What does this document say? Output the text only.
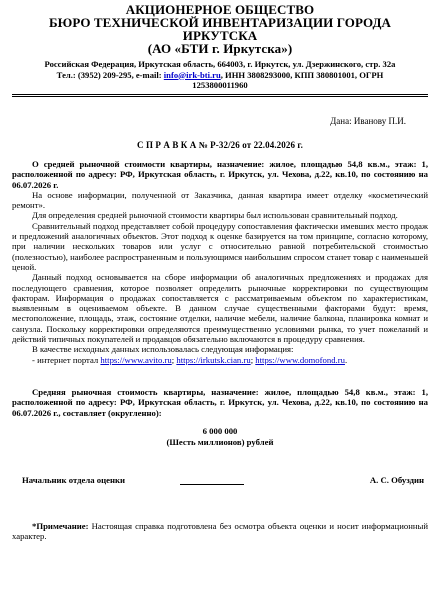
АКЦИОНЕРНОЕ ОБЩЕСТВО
БЮРО ТЕХНИЧЕСКОЙ ИНВЕНТАРИЗАЦИИ ГОРОДА ИРКУТСКА
(АО «БТИ г. Иркутска»)
Российская Федерация, Иркутская область, 664003, г. Иркутск, ул. Дзержинского, стр. 32а
Тел.: (3952) 209-295, e-mail: info@irk-bti.ru, ИНН 3808293000, КПП 380801001, ОГРН
1253800011960
Дана: Иванову П.И.
С П Р А В К А № Р-32/26 от 22.04.2026 г.

О средней рыночной стоимости квартиры, назначение: жилое, площадью 54,8 кв.м., этаж: 1, расположенной по адресу: РФ, Иркутская область, г. Иркутск, ул. Чехова, д.22, кв.10, по состоянию на 06.07.2026 г.

На основе информации, полученной от Заказчика, данная квартира имеет отделку «косметический ремонт».

Для определения средней рыночной стоимости квартиры был использован сравнительный подход.

Сравнительный подход представляет собой процедуру сопоставления фактически имевших место продаж и предложений аналогичных объектов. Этот подход к оценке базируется на том принципе, согласно которому, при наличии нескольких товаров или услуг с относительно равной потребительской стоимостью (полезностью), наиболее распространенным и пользующимся наибольшим спросом станет товар с наименьшей ценой.

Данный подход основывается на сборе информации об аналогичных предложениях и продажах для последующего сравнения, которое позволяет определить рыночные корректировки по существующим факторам. Информация о продажах сопоставляется с рассматриваемым объектом по характеристикам, выявленным в оцениваемом объекте. В данном случае существенными факторами будут: время, местоположение, площадь, этаж, состояние отделки, наличие мебели, наличие балкона, планировка комнат и санузла. Поскольку корректировки определяются преимущественно условиями рынка, то учет пожеланий и действий типичных покупателей и продавцов обязательно включаются в процедуру сравнения.

В качестве исходных данных использовалась следующая информация:

- интернет портал https://www.avito.ru; https://irkutsk.cian.ru; https://www.domofond.ru.

Средняя рыночная стоимость квартиры, назначение: жилое, площадью 54,8 кв.м., этаж: 1, расположенной по адресу: РФ, Иркутская область, г. Иркутск, ул. Чехова, д.22, кв.10, по состоянию на 06.07.2026 г., составляет (округленно):
6 000 000
(Шесть миллионов) рублей
Начальник отдела оценки	А. С. Обуздин
*Примечание: Настоящая справка подготовлена без осмотра объекта оценки и носит информационный характер.
